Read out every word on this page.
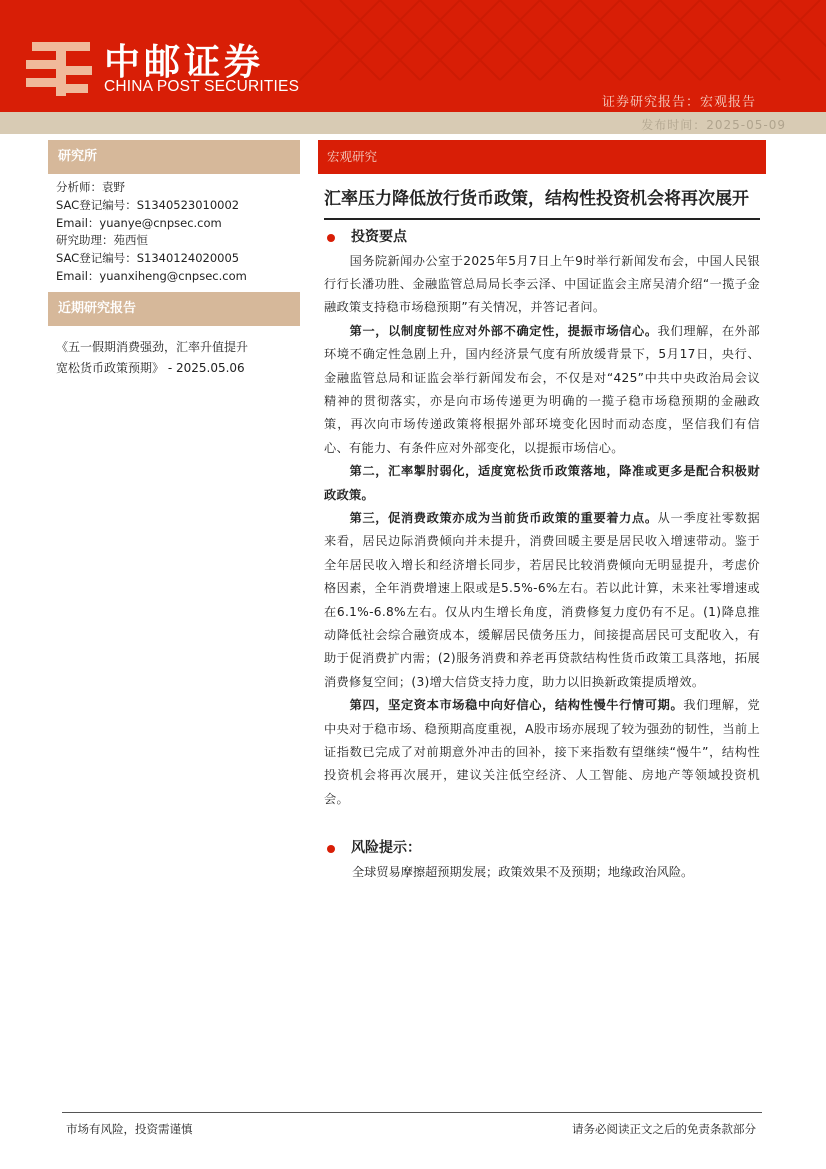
中邮证券
CHINA POST SECURITIES
证券研究报告：宏观报告
发布时间：2025-05-09
研究所
分析师：袁野
SAC登记编号：S1340523010002
Email：yuanye@cnpsec.com
研究助理：苑西恒
SAC登记编号：S1340124020005
Email：yuanxiheng@cnpsec.com
近期研究报告
《五一假期消费强劲，汇率升值提升
宽松货币政策预期》 - 2025.05.06
宏观研究
汇率压力降低放行货币政策，结构性投资机会将再次展开
投资要点

国务院新闻办公室于2025年5月7日上午9时举行新闻发布会，中国人民银行行长潘功胜、金融监管总局局长李云泽、中国证监会主席吴清介绍“一揽子金融政策支持稳市场稳预期”有关情况，并答记者问。

第一，以制度韧性应对外部不确定性，提振市场信心。我们理解，在外部环境不确定性急剧上升，国内经济景气度有所放缓背景下，5月17日，央行、金融监管总局和证监会举行新闻发布会，不仅是对“425”中共中央政治局会议精神的贯彻落实，亦是向市场传递更为明确的一揽子稳市场稳预期的金融政策，再次向市场传递政策将根据外部环境变化因时而动态度，坚信我们有信心、有能力、有条件应对外部变化，以提振市场信心。

第二，汇率掣肘弱化，适度宽松货币政策落地，降准或更多是配合积极财政政策。

第三，促消费政策亦成为当前货币政策的重要着力点。从一季度社零数据来看，居民边际消费倾向并未提升，消费回暖主要是居民收入增速带动。鉴于全年居民收入增长和经济增长同步，若居民比较消费倾向无明显提升，考虑价格因素，全年消费增速上限或是5.5%-6%左右。若以此计算，未来社零增速或在6.1%-6.8%左右。仅从内生增长角度，消费修复力度仍有不足。(1)降息推动降低社会综合融资成本，缓解居民债务压力，间接提高居民可支配收入，有助于促消费扩内需；(2)服务消费和养老再贷款结构性货币政策工具落地，拓展消费修复空间；(3)增大信贷支持力度，助力以旧换新政策提质增效。

第四，坚定资本市场稳中向好信心，结构性慢牛行情可期。我们理解，党中央对于稳市场、稳预期高度重视，A股市场亦展现了较为强劲的韧性，当前上证指数已完成了对前期意外冲击的回补，接下来指数有望继续“慢牛”，结构性投资机会将再次展开，建议关注低空经济、人工智能、房地产等领域投资机会。

风险提示：
全球贸易摩擦超预期发展；政策效果不及预期；地缘政治风险。
市场有风险，投资需谨慎	请务必阅读正文之后的免责条款部分
